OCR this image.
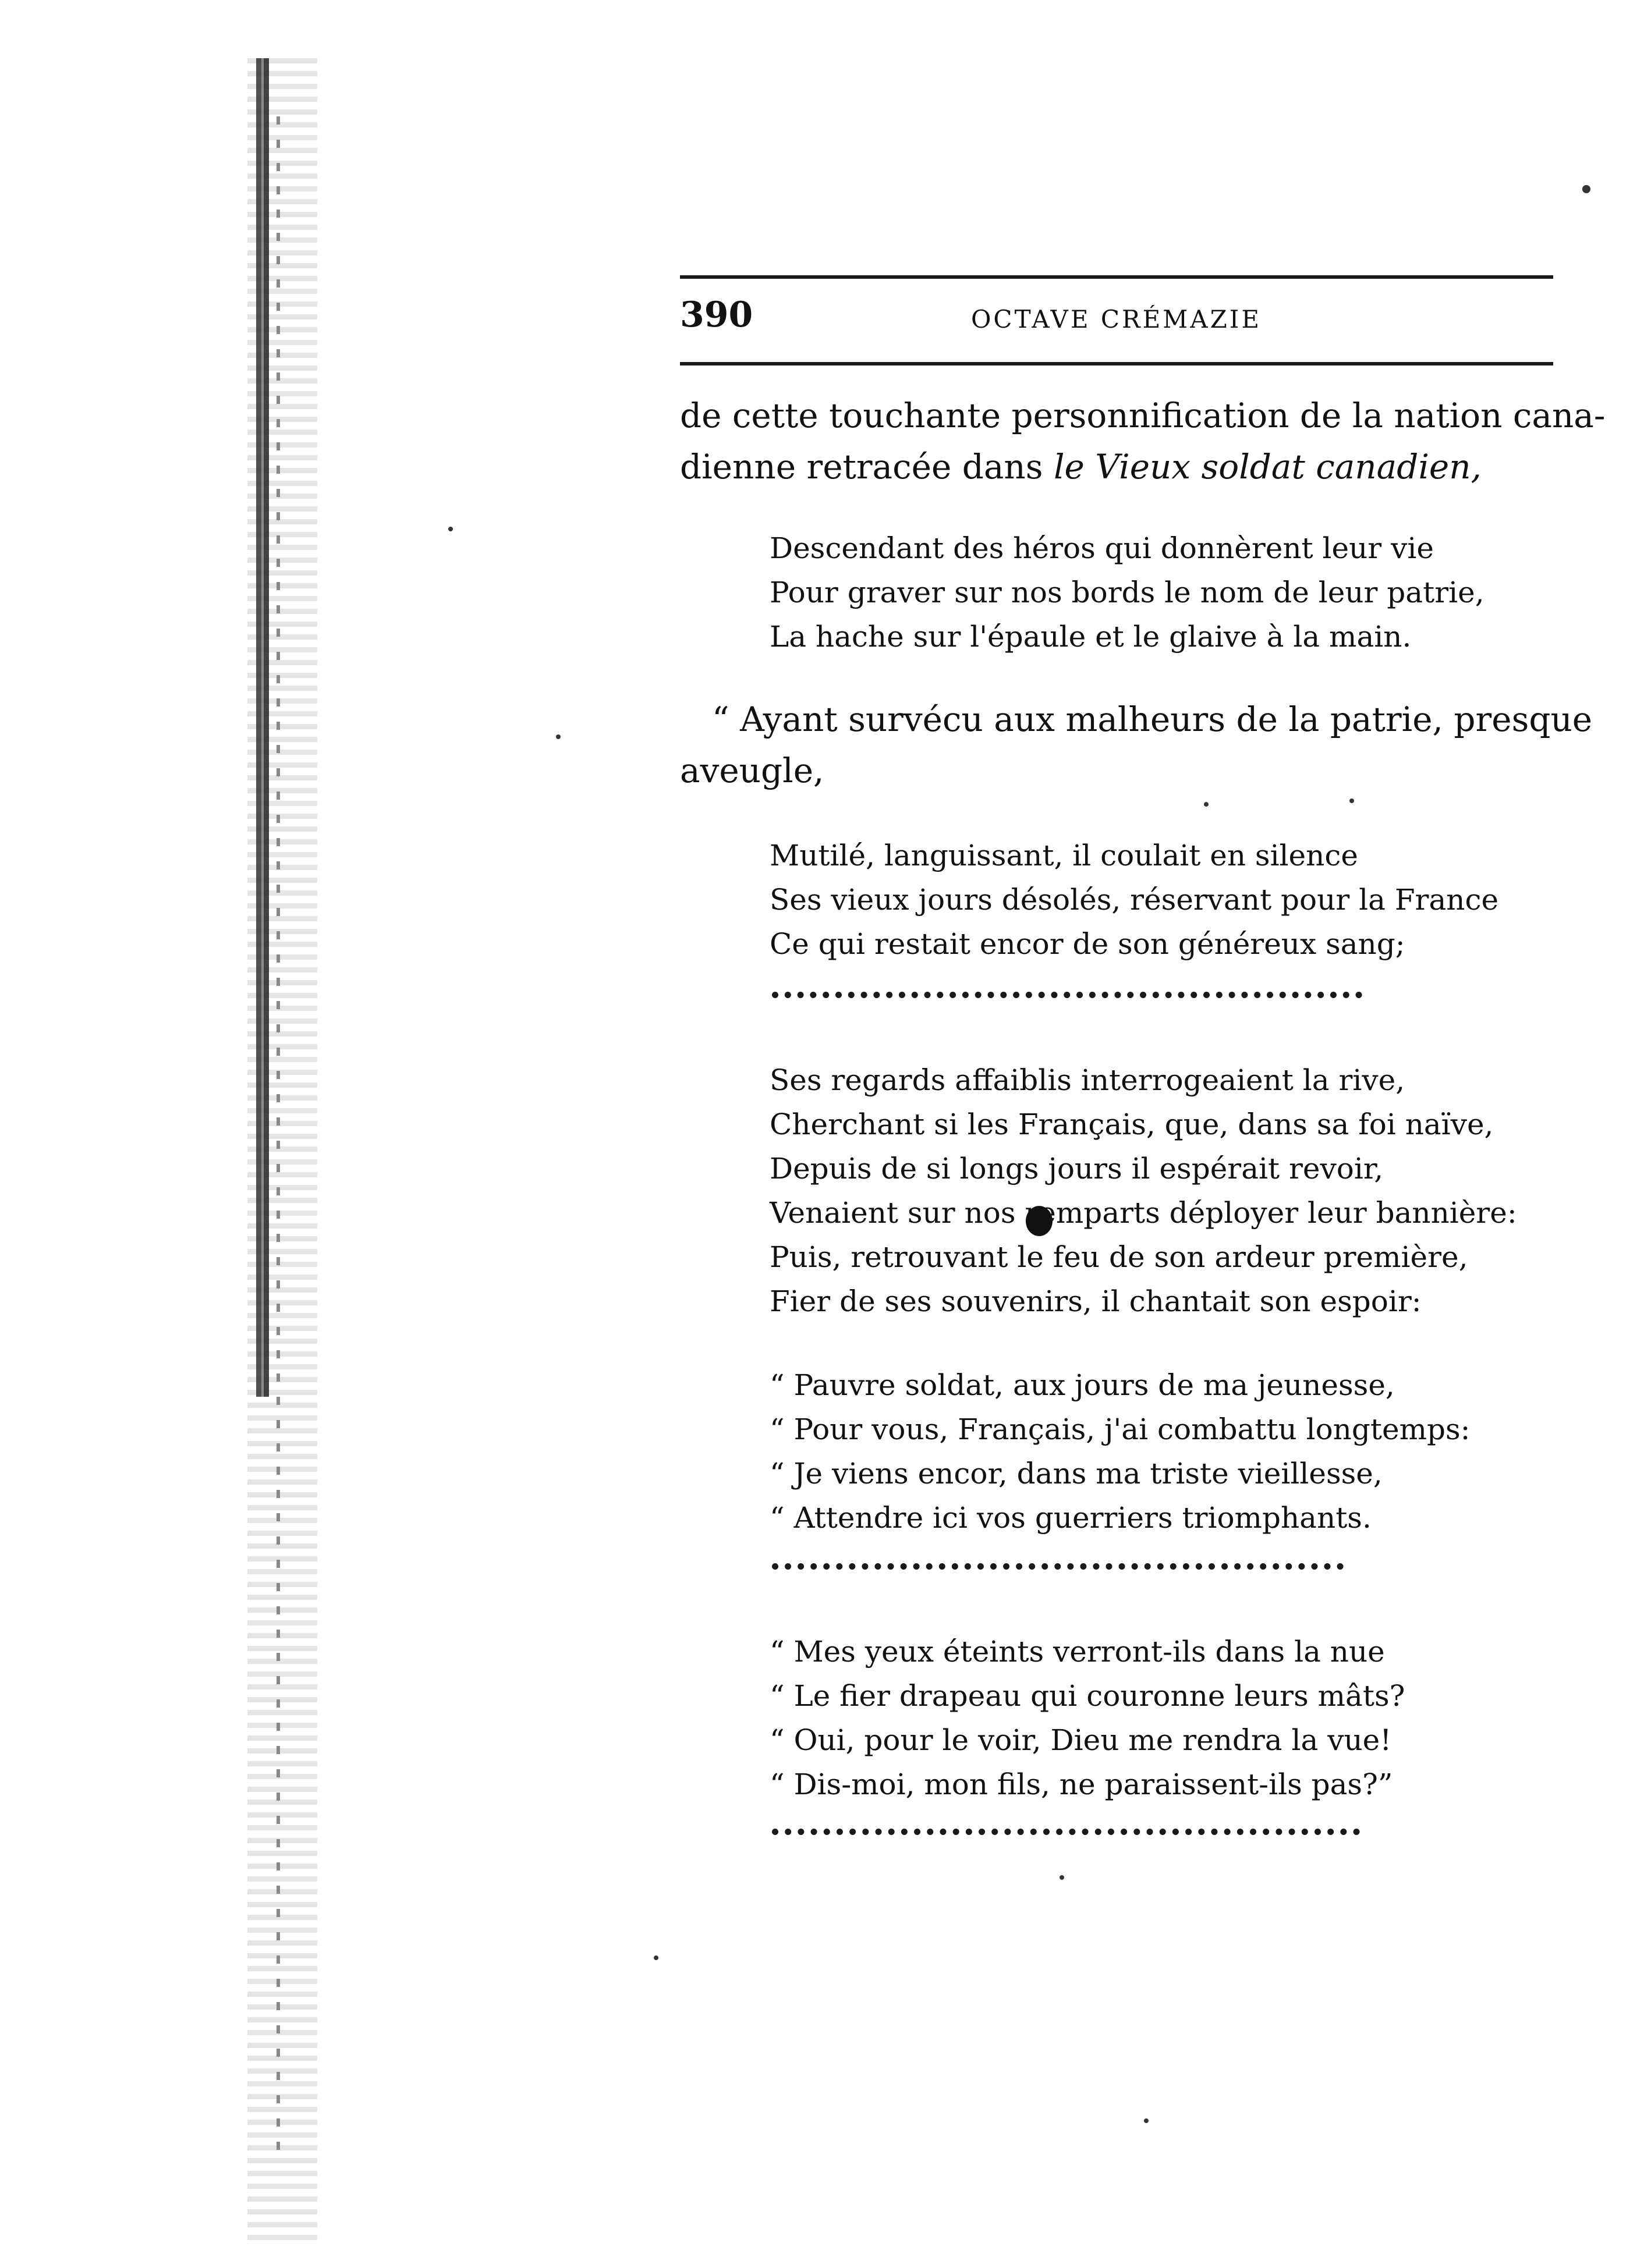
390	OCTAVE CRÉMAZIE
de cette touchante personnification de la nation cana-
dienne retracée dans le Vieux soldat canadien,
Descendant des héros qui donnèrent leur vie
Pour graver sur nos bords le nom de leur patrie,
La hache sur l'épaule et le glaive à la main.
“ Ayant survécu aux malheurs de la patrie, presque
aveugle,
Mutilé, languissant, il coulait en silence
Ses vieux jours désolés, réservant pour la France
Ce qui restait encor de son généreux sang;
Ses regards affaiblis interrogeaient la rive,
Cherchant si les Français, que, dans sa foi naïve,
Depuis de si longs jours il espérait revoir,
Venaient sur nos remparts déployer leur bannière:
Puis, retrouvant le feu de son ardeur première,
Fier de ses souvenirs, il chantait son espoir:
“ Pauvre soldat, aux jours de ma jeunesse,
“ Pour vous, Français, j'ai combattu longtemps:
“ Je viens encor, dans ma triste vieillesse,
“ Attendre ici vos guerriers triomphants.
“ Mes yeux éteints verront-ils dans la nue
“ Le fier drapeau qui couronne leurs mâts?
“ Oui, pour le voir, Dieu me rendra la vue!
“ Dis-moi, mon fils, ne paraissent-ils pas?”
